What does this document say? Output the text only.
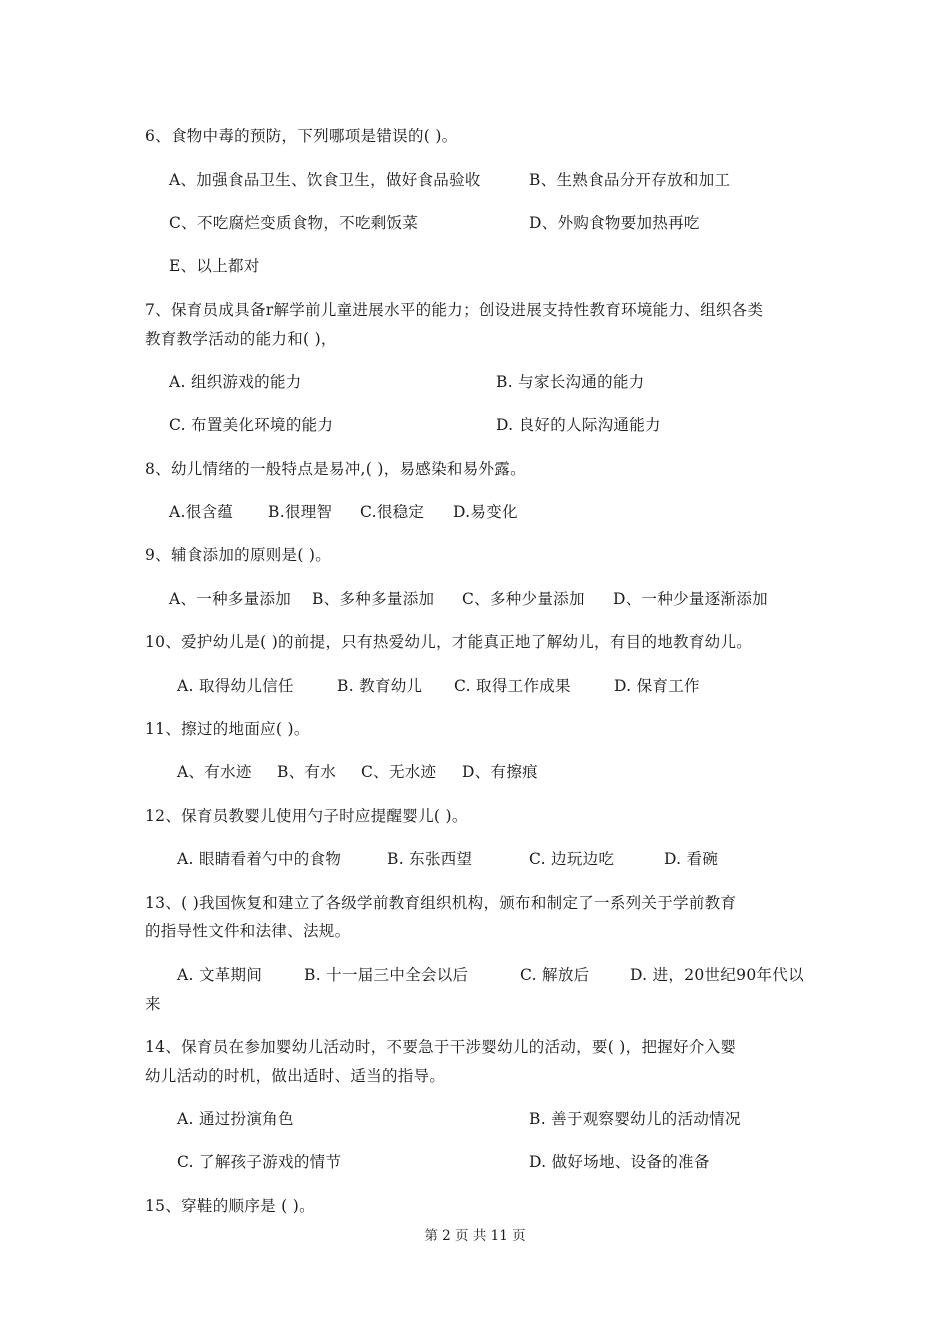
6、食物中毒的预防，下列哪项是错误的( )。
A、加强食品卫生、饮食卫生，做好食品验收	B、生熟食品分开存放和加工
C、不吃腐烂变质食物，不吃剩饭菜	D、外购食物要加热再吃
E、以上都对
7、保育员成具备r解学前儿童进展水平的能力；创设进展支持性教育环境能力、组织各类
教育教学活动的能力和( )，
A. 组织游戏的能力	B. 与家长沟通的能力
C. 布置美化环境的能力	D. 良好的人际沟通能力
8、幼儿情绪的一般特点是易冲,( )，易感染和易外露。
A.很含蕴 B.很理智 C.很稳定 D.易变化
9、辅食添加的原则是( )。
A、一种多量添加 B、多种多量添加 C、多种少量添加 D、一种少量逐渐添加
10、爱护幼儿是( )的前提，只有热爱幼儿，才能真正地了解幼儿，有目的地教育幼儿。
A. 取得幼儿信任	B. 教育幼儿 C. 取得工作成果	D. 保育工作
11、擦过的地面应( )。
A、有水迹 B、有水 C、无水迹 D、有擦痕
12、保育员教婴儿使用勺子时应提醒婴儿( )。
A. 眼睛看着勺中的食物	B. 东张西望	C. 边玩边吃	D. 看碗
13、( )我国恢复和建立了各级学前教育组织机构，颁布和制定了一系列关于学前教育
的指导性文件和法律、法规。
A. 文革期间	B. 十一届三中全会以后	C. 解放后	D. 进，20世纪90年代以
来
14、保育员在参加婴幼儿活动时，不要急于干涉婴幼儿的活动，要( )，把握好介入婴
幼儿活动的时机，做出适时、适当的指导。
A. 通过扮演角色	B. 善于观察婴幼儿的活动情况
C. 了解孩子游戏的情节	D. 做好场地、设备的准备
15、穿鞋的顺序是 ( )。
第 2 页 共 11 页
